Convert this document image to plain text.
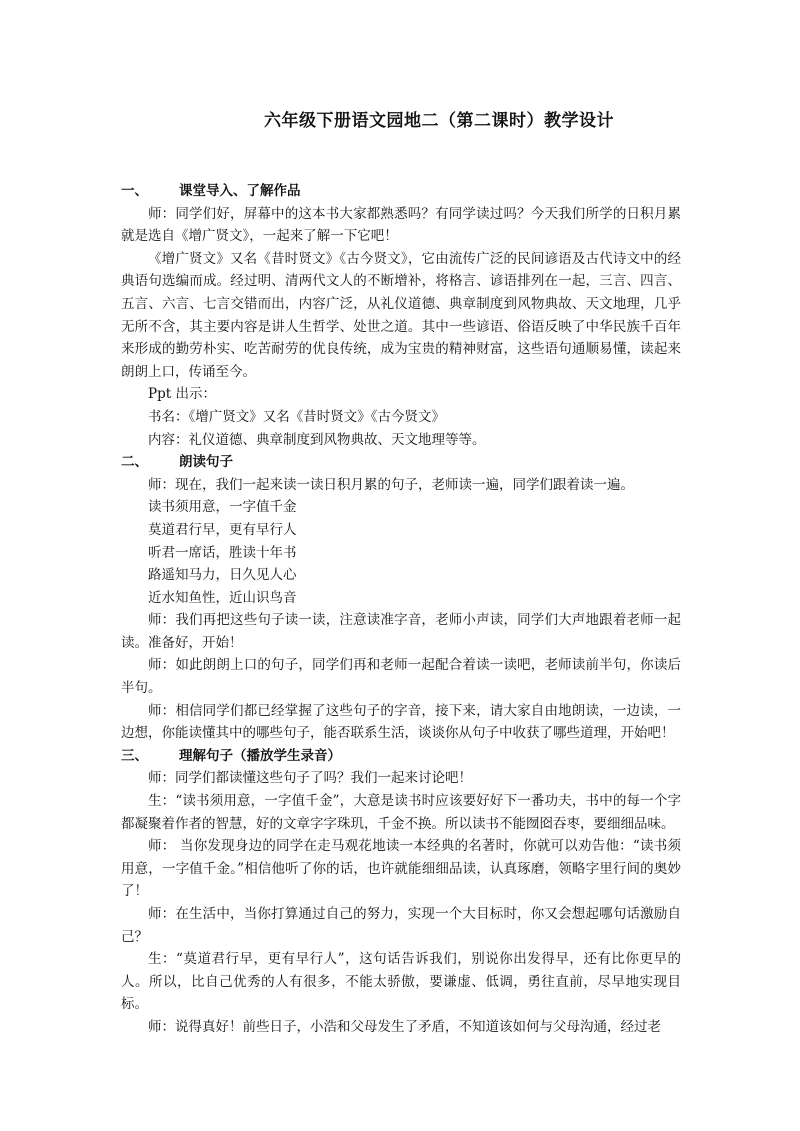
六年级下册语文园地二（第二课时）教学设计
一、	课堂导入、了解作品

师：同学们好，屏幕中的这本书大家都熟悉吗？有同学读过吗？今天我们所学的日积月累就是选自《增广贤文》，一起来了解一下它吧！

《增广贤文》又名《昔时贤文》《古今贤文》，它由流传广泛的民间谚语及古代诗文中的经典语句选编而成。经过明、清两代文人的不断增补，将格言、谚语排列在一起，三言、四言、五言、六言、七言交错而出，内容广泛，从礼仪道德、典章制度到风物典故、天文地理，几乎无所不含，其主要内容是讲人生哲学、处世之道。其中一些谚语、俗语反映了中华民族千百年来形成的勤劳朴实、吃苦耐劳的优良传统，成为宝贵的精神财富，这些语句通顺易懂，读起来朗朗上口，传诵至今。

Ppt 出示：

书名：《增广贤文》又名《昔时贤文》《古今贤文》

内容：礼仪道德、典章制度到风物典故、天文地理等等。

二、	朗读句子

师：现在，我们一起来读一读日积月累的句子，老师读一遍，同学们跟着读一遍。

读书须用意，一字值千金

莫道君行早，更有早行人

听君一席话，胜读十年书

路遥知马力，日久见人心

近水知鱼性，近山识鸟音

师：我们再把这些句子读一读，注意读准字音，老师小声读，同学们大声地跟着老师一起读。准备好，开始！

师：如此朗朗上口的句子，同学们再和老师一起配合着读一读吧，老师读前半句，你读后半句。

师：相信同学们都已经掌握了这些句子的字音，接下来，请大家自由地朗读，一边读，一边想，你能读懂其中的哪些句子，能否联系生活，谈谈你从句子中收获了哪些道理，开始吧！

三、	理解句子（播放学生录音）

师：同学们都读懂这些句子了吗？我们一起来讨论吧！

生：“读书须用意，一字值千金”，大意是读书时应该要好好下一番功夫，书中的每一个字都凝聚着作者的智慧，好的文章字字珠玑，千金不换。所以读书不能囫囵吞枣，要细细品味。

师： 当你发现身边的同学在走马观花地读一本经典的名著时，你就可以劝告他：“读书须用意，一字值千金。”相信他听了你的话，也许就能细细品读，认真琢磨，领略字里行间的奥妙了！

师：在生活中，当你打算通过自己的努力，实现一个大目标时，你又会想起哪句话激励自己？

生：“莫道君行早，更有早行人”，这句话告诉我们，别说你出发得早，还有比你更早的人。所以，比自己优秀的人有很多，不能太骄傲，要谦虚、低调，勇往直前，尽早地实现目标。

师：说得真好！前些日子，小浩和父母发生了矛盾，不知道该如何与父母沟通，经过老
